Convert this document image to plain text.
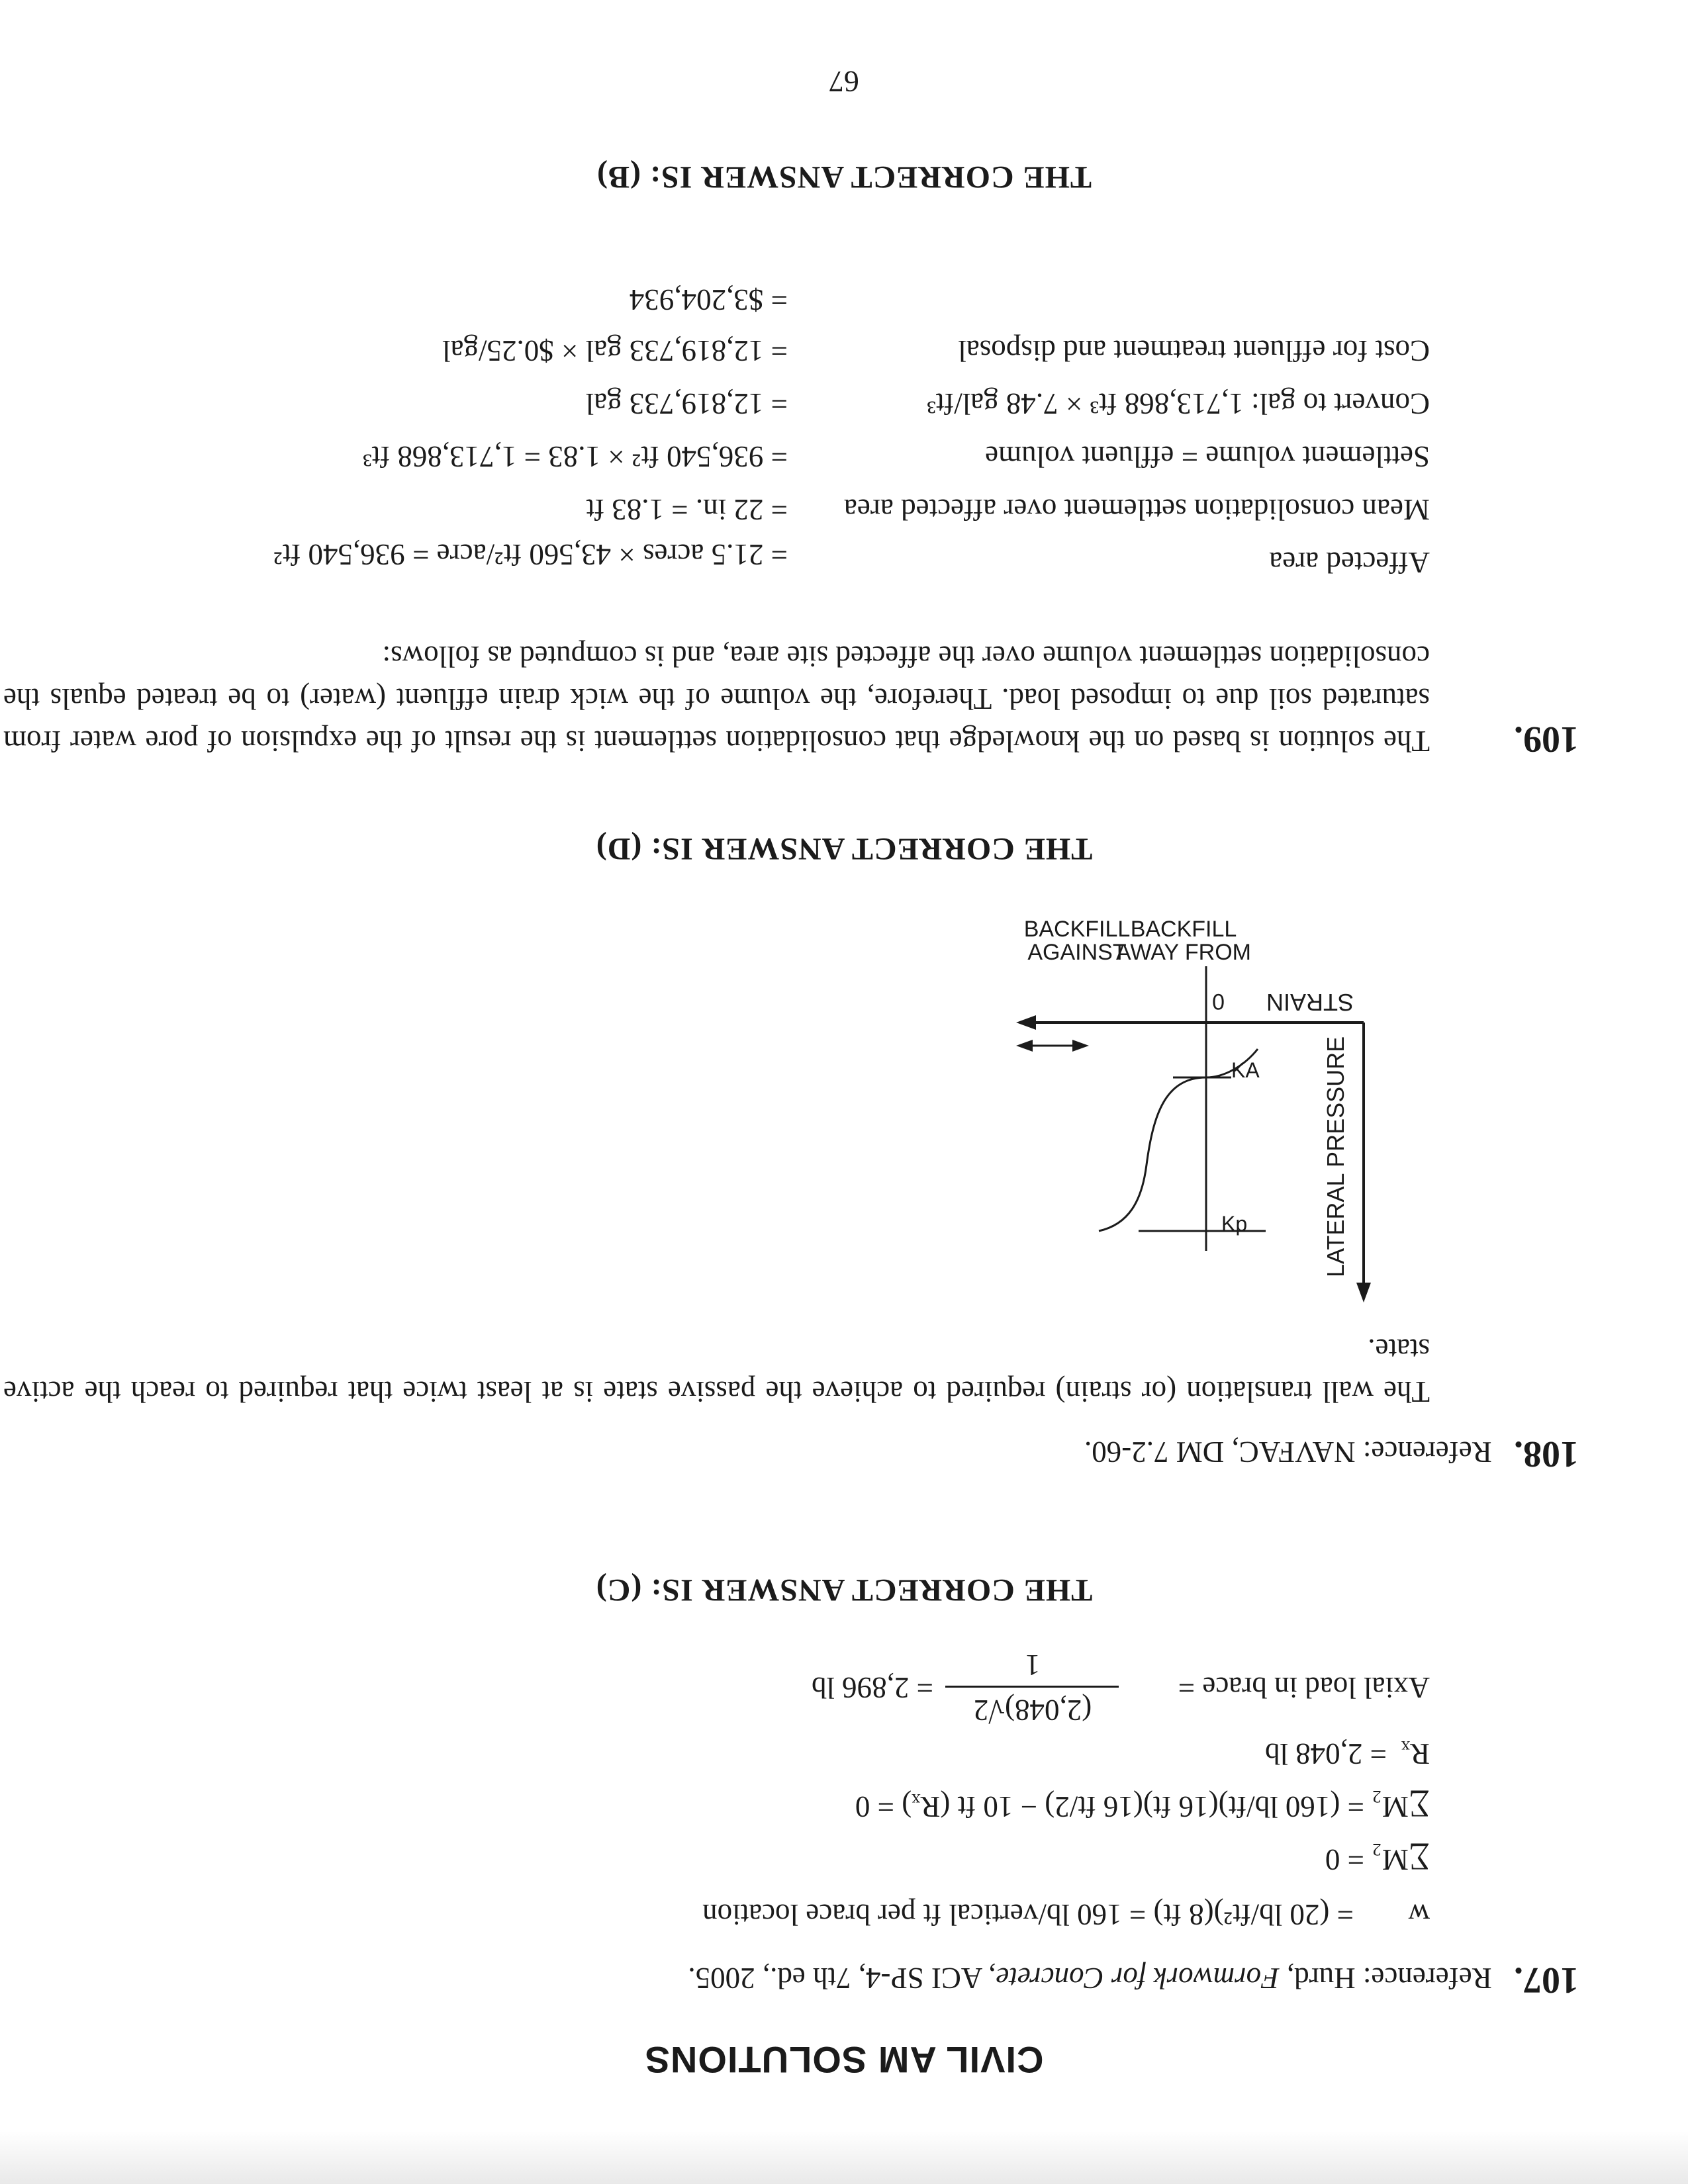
CIVIL AM SOLUTIONS
107. Reference: Hurd, Formwork for Concrete, ACI SP-4, 7th ed., 2005.
w
= (20 lb/ft²)(8 ft) = 160 lb/vertical ft per brace location
∑M₂ = 0
∑M₂ = (160 lb/ft)(16 ft)(16 ft/2) − 10 ft (Rₓ) = 0
Rₓ
= 2,048 lb
Axial load in brace =
(2,048)√2
1
= 2,896 lb
THE CORRECT ANSWER IS: (C)
108. Reference: NAVFAC, DM 7.2-60.
The wall translation (or strain) required to achieve the passive state is at least twice that required to reach the active state.
LATERAL PRESSURE
STRAIN
0
Kp
KA
AWAY FROM
BACKFILL
AGAINST
BACKFILL
THE CORRECT ANSWER IS: (D)
109.
The solution is based on the knowledge that consolidation settlement is the result of the expulsion of pore water from saturated soil due to imposed load. Therefore, the volume of the wick drain effluent (water) to be treated equals the consolidation settlement volume over the affected site area, and is computed as follows:
Affected area
= 21.5 acres × 43,560 ft²/acre = 936,540 ft²
Mean consolidation settlement over affected area
= 22 in. = 1.83 ft
Settlement volume = effluent volume
= 936,540 ft² × 1.83 = 1,713,868 ft³
Convert to gal: 1,713,868 ft³ × 7.48 gal/ft³
= 12,819,733 gal
Cost for effluent treatment and disposal
= 12,819,733 gal × $0.25/gal
= $3,204,934
THE CORRECT ANSWER IS: (B)
67
